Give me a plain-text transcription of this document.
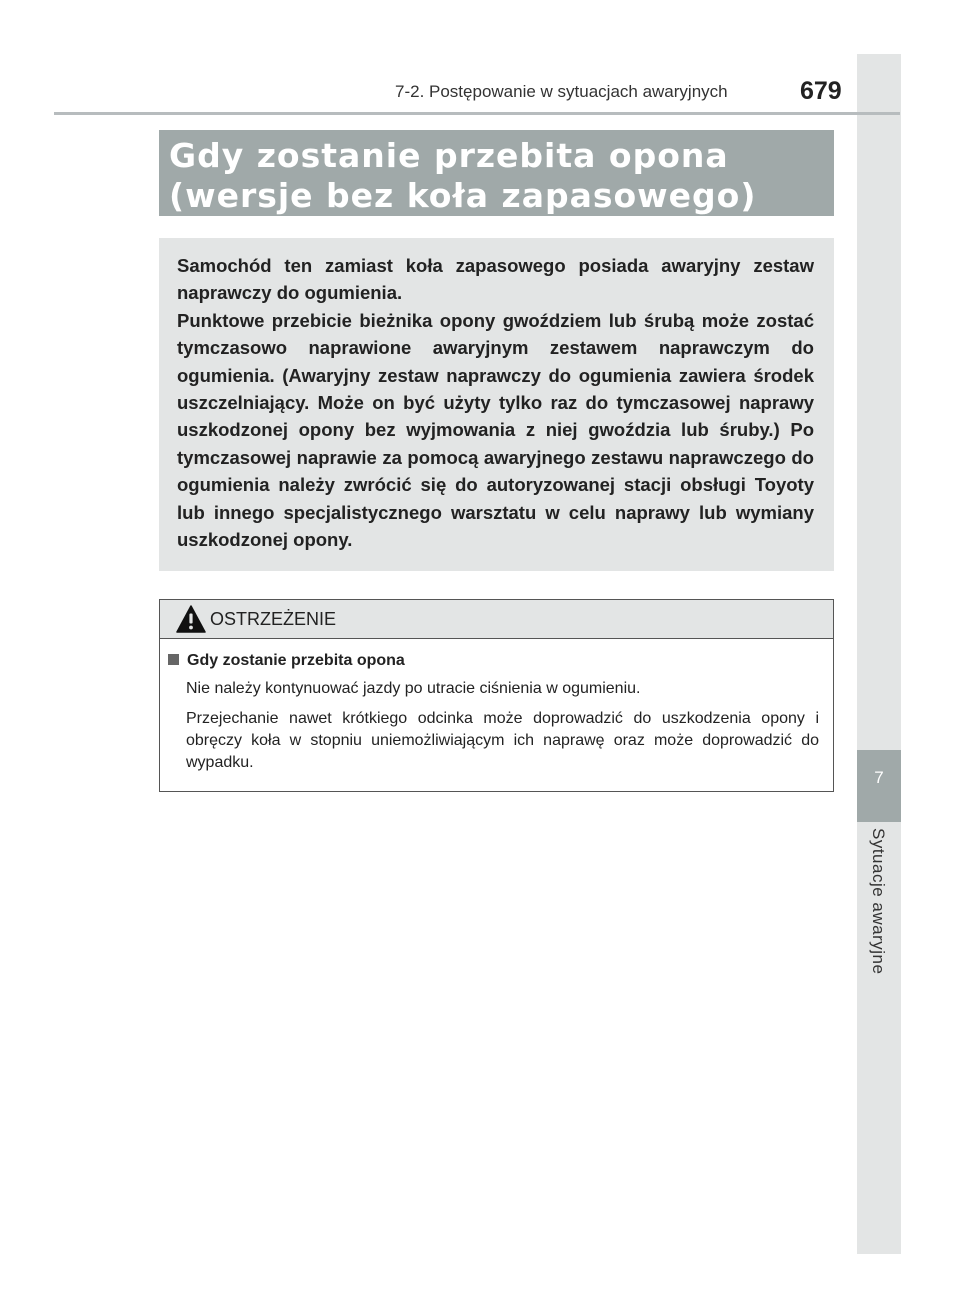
7
Sytuacje awaryjne
7-2. Postępowanie w sytuacjach awaryjnych	679
Gdy zostanie przebita opona (wersje bez koła zapasowego)

Samochód ten zamiast koła zapasowego posiada awaryjny zestaw naprawczy do ogumienia.

Punktowe przebicie bieżnika opony gwoździem lub śrubą może zostać tymczasowo naprawione awaryjnym zestawem naprawczym do ogumienia. (Awaryjny zestaw naprawczy do ogumienia zawiera środek uszczelniający. Może on być użyty tylko raz do tymczasowej naprawy uszkodzonej opony bez wyjmowania z niej gwoździa lub śruby.) Po tymczasowej naprawie za pomocą awaryjnego zestawu naprawczego do ogumienia należy zwrócić się do autoryzowanej stacji obsługi Toyoty lub innego specjalistycznego warsztatu w celu naprawy lub wymiany uszkodzonej opony.

OSTRZEŻENIE
Gdy zostanie przebita opona

Nie należy kontynuować jazdy po utracie ciśnienia w ogumieniu.

Przejechanie nawet krótkiego odcinka może doprowadzić do uszkodzenia opony i obręczy koła w stopniu uniemożliwiającym ich naprawę oraz może doprowadzić do wypadku.
